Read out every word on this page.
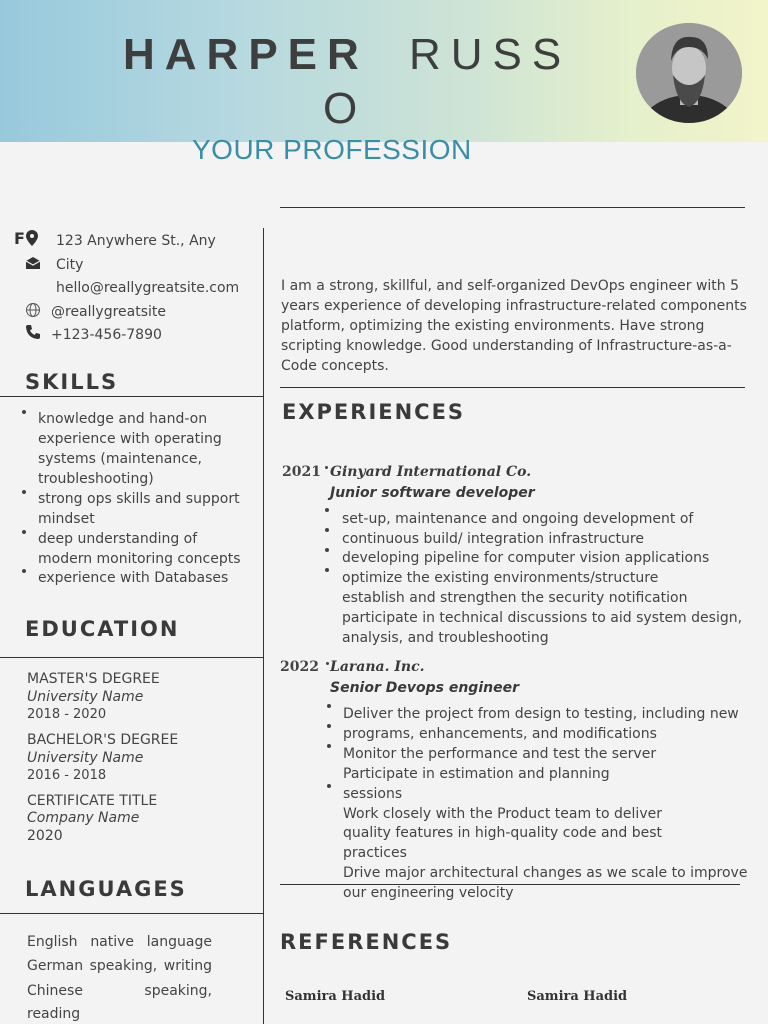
HARPER RUSS
O
YOUR PROFESSION
F 123 Anywhere St., Any
City
hello@reallygreatsite.com
@reallygreatsite
+123-456-7890
SKILLS
knowledge and hand-on
experience with operating
systems (maintenance,
troubleshooting)
strong ops skills and support
mindset
deep understanding of
modern monitoring concepts
experience with Databases
EDUCATION
MASTER'S DEGREE
University Name
2018 - 2020
BACHELOR'S DEGREE
University Name
2016 - 2018
CERTIFICATE TITLE
Company Name
2020
LANGUAGES
English native language
German speaking, writing
Chinese	speaking,
reading
I am a strong, skillful, and self-organized DevOps engineer with 5
years experience of developing infrastructure-related components
platform, optimizing the existing environments. Have strong
scripting knowledge. Good understanding of Infrastructure-as-a-
Code concepts.
EXPERIENCES
2021 Ginyard International Co.
Junior software developer
set-up, maintenance and ongoing development of
continuous build/ integration infrastructure
developing pipeline for computer vision applications
optimize the existing environments/structure
establish and strengthen the security notification
participate in technical discussions to aid system design,
analysis, and troubleshooting
2022 Larana. Inc.
Senior Devops engineer
Deliver the project from design to testing, including new
programs, enhancements, and modifications
Monitor the performance and test the server
Participate in estimation and planning
sessions
Work closely with the Product team to deliver
quality features in high-quality code and best
practices
Drive major architectural changes as we scale to improve
our engineering velocity
REFERENCES
Samira Hadid	Samira Hadid
